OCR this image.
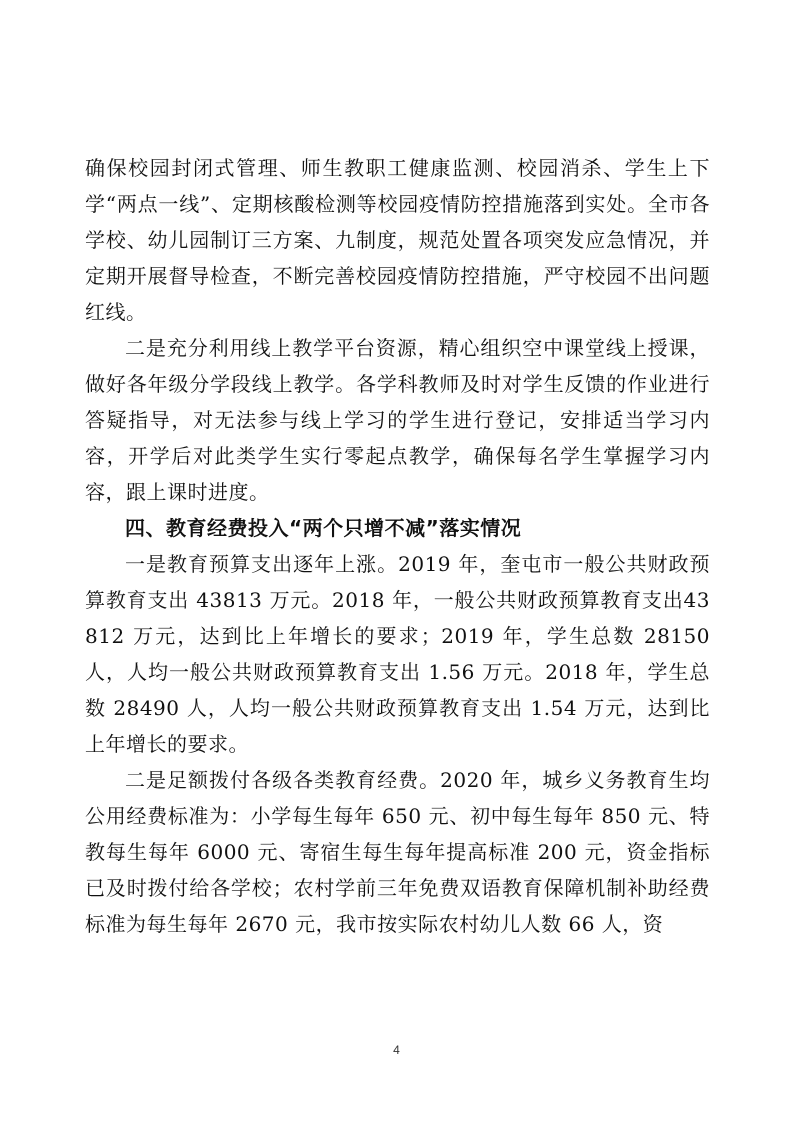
确保校园封闭式管理、师生教职工健康监测、校园消杀、学生上下学“两点一线”、定期核酸检测等校园疫情防控措施落到实处。全市各学校、幼儿园制订三方案、九制度，规范处置各项突发应急情况，并定期开展督导检查，不断完善校园疫情防控措施，严守校园不出问题红线。

二是充分利用线上教学平台资源，精心组织空中课堂线上授课，做好各年级分学段线上教学。各学科教师及时对学生反馈的作业进行答疑指导，对无法参与线上学习的学生进行登记，安排适当学习内容，开学后对此类学生实行零起点教学，确保每名学生掌握学习内容，跟上课时进度。

四、教育经费投入“两个只增不减”落实情况

一是教育预算支出逐年上涨。2019 年，奎屯市一般公共财政预算教育支出 43813 万元。2018 年，一般公共财政预算教育支出43812 万元，达到比上年增长的要求；2019 年，学生总数 28150人，人均一般公共财政预算教育支出 1.56 万元。2018 年，学生总数 28490 人，人均一般公共财政预算教育支出 1.54 万元，达到比上年增长的要求。

二是足额拨付各级各类教育经费。2020 年，城乡义务教育生均公用经费标准为：小学每生每年 650 元、初中每生每年 850 元、特教每生每年 6000 元、寄宿生每生每年提高标准 200 元，资金指标已及时拨付给各学校；农村学前三年免费双语教育保障机制补助经费标准为每生每年 2670 元，我市按实际农村幼儿人数 66 人，资

4
